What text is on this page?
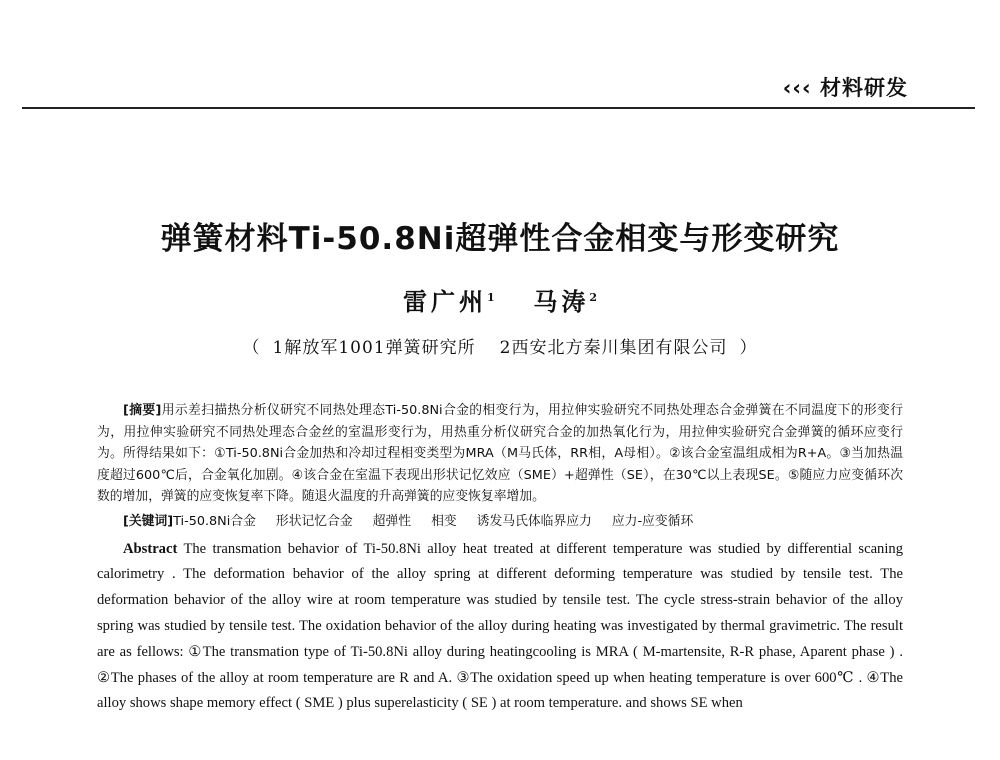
‹‹‹ 材料研发
弹簧材料Ti-50.8Ni超弹性合金相变与形变研究
雷广州$^1$ 马涛$^2$
（ 1解放军1001弹簧研究所 2西安北方秦川集团有限公司 ）

[摘要]用示差扫描热分析仪研究不同热处理态Ti-50.8Ni合金的相变行为，用拉伸实验研究不同热处理态合金弹簧在不同温度下的形变行为，用拉伸实验研究不同热处理态合金丝的室温形变行为，用热重分析仪研究合金的加热氧化行为，用拉伸实验研究合金弹簧的循环应变行为。所得结果如下：①Ti-50.8Ni合金加热和冷却过程相变类型为MRA（M马氏体，RR相，A母相）。②该合金室温组成相为R+A。③当加热温度超过600℃后，合金氧化加剧。④该合金在室温下表现出形状记忆效应（SME）+超弹性（SE），在30℃以上表现SE。⑤随应力应变循环次数的增加，弹簧的应变恢复率下降。随退火温度的升高弹簧的应变恢复率增加。

[关键词]Ti-50.8Ni合金 形状记忆合金 超弹性 相变 诱发马氏体临界应力 应力-应变循环

Abstract The transmation behavior of Ti-50.8Ni alloy heat treated at different temperature was studied by differential scaning calorimetry . The deformation behavior of the alloy spring at different deforming temperature was studied by tensile test. The deformation behavior of the alloy wire at room temperature was studied by tensile test. The cycle stress-strain behavior of the alloy spring was studied by tensile test. The oxidation behavior of the alloy during heating was investigated by thermal gravimetric. The result are as fellows: ①The transmation type of Ti-50.8Ni alloy during heatingcooling is MRA ( M-martensite, R-R phase, Aparent phase ) . ②The phases of the alloy at room temperature are R and A. ③The oxidation speed up when heating temperature is over 600℃ . ④The alloy shows shape memory effect ( SME ) plus superelasticity ( SE ) at room temperature. and shows SE when
